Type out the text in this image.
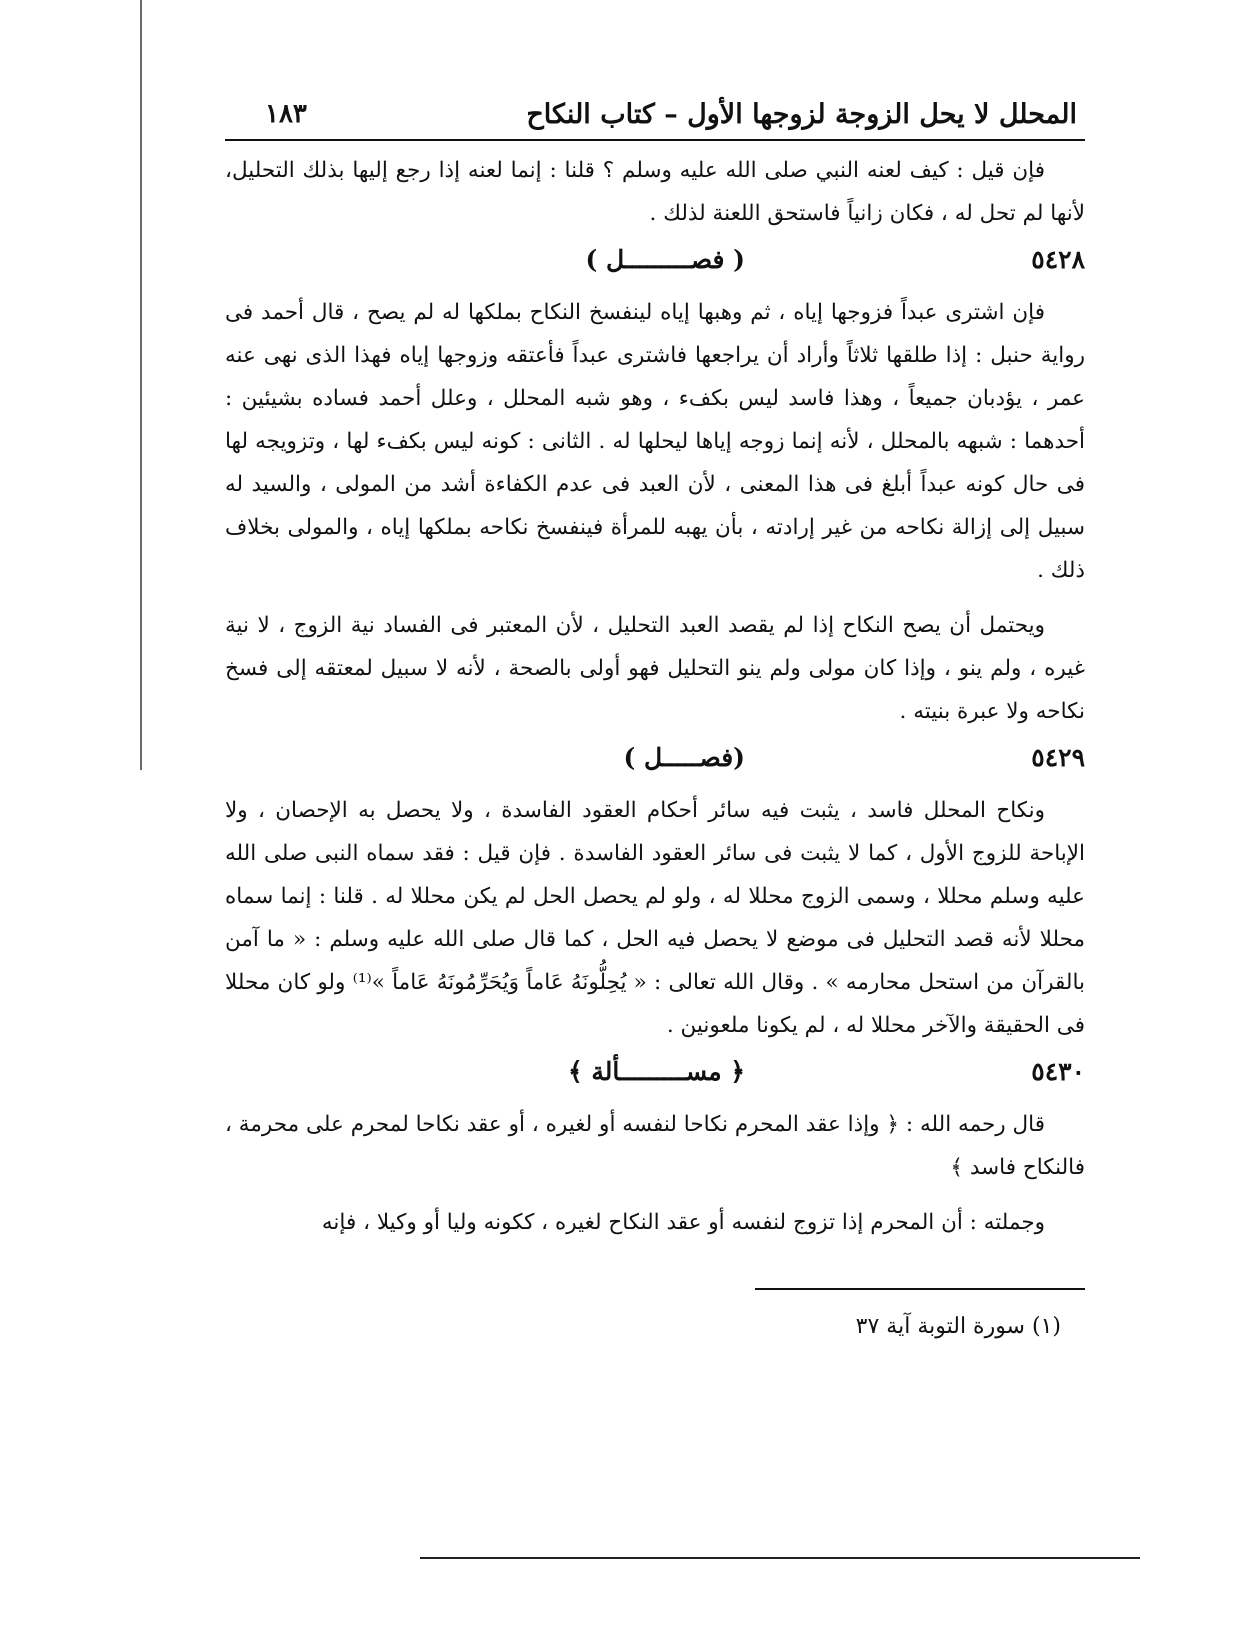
المحلل لا يحل الزوجة لزوجها الأول – كتاب النكاح
١٨٣

فإن قيل : كيف لعنه النبي صلى الله عليه وسلم ؟ قلنا : إنما لعنه إذا رجع إليها بذلك التحليل، لأنها لم تحل له ، فكان زانياً فاستحق اللعنة لذلك .

٥٤٢٨
( فصـــــــــل )

فإن اشترى عبداً فزوجها إياه ، ثم وهبها إياه لينفسخ النكاح بملكها له لم يصح ، قال أحمد فى رواية حنبل : إذا طلقها ثلاثاً وأراد أن يراجعها فاشترى عبداً فأعتقه وزوجها إياه فهذا الذى نهى عنه عمر ، يؤدبان جميعاً ، وهذا فاسد ليس بكفء ، وهو شبه المحلل ، وعلل أحمد فساده بشيئين : أحدهما : شبهه بالمحلل ، لأنه إنما زوجه إياها ليحلها له . الثانى : كونه ليس بكفء لها ، وتزويجه لها فى حال كونه عبداً أبلغ فى هذا المعنى ، لأن العبد فى عدم الكفاءة أشد من المولى ، والسيد له سبيل إلى إزالة نكاحه من غير إرادته ، بأن يهبه للمرأة فينفسخ نكاحه بملكها إياه ، والمولى بخلاف ذلك .

ويحتمل أن يصح النكاح إذا لم يقصد العبد التحليل ، لأن المعتبر فى الفساد نية الزوج ، لا نية غيره ، ولم ينو ، وإذا كان مولى ولم ينو التحليل فهو أولى بالصحة ، لأنه لا سبيل لمعتقه إلى فسخ نكاحه ولا عبرة بنيته .

٥٤٢٩
(فصـــــل )

ونكاح المحلل فاسد ، يثبت فيه سائر أحكام العقود الفاسدة ، ولا يحصل به الإحصان ، ولا الإباحة للزوج الأول ، كما لا يثبت فى سائر العقود الفاسدة . فإن قيل : فقد سماه النبى صلى الله عليه وسلم محللا ، وسمى الزوج محللا له ، ولو لم يحصل الحل لم يكن محللا له . قلنا : إنما سماه محللا لأنه قصد التحليل فى موضع لا يحصل فيه الحل ، كما قال صلى الله عليه وسلم : « ما آمن بالقرآن من استحل محارمه » . وقال الله تعالى : « يُحِلُّونَهُ عَاماً وَيُحَرِّمُونَهُ عَاماً »⁽¹⁾ ولو كان محللا فى الحقيقة والآخر محللا له ، لم يكونا ملعونين .

٥٤٣٠
﴿ مســـــــــألة ﴾

قال رحمه الله : ﴿ وإذا عقد المحرم نكاحا لنفسه أو لغيره ، أو عقد نكاحا لمحرم على محرمة ، فالنكاح فاسد ﴾

وجملته : أن المحرم إذا تزوج لنفسه أو عقد النكاح لغيره ، ككونه وليا أو وكيلا ، فإنه

(١) سورة التوبة آية ٣٧
